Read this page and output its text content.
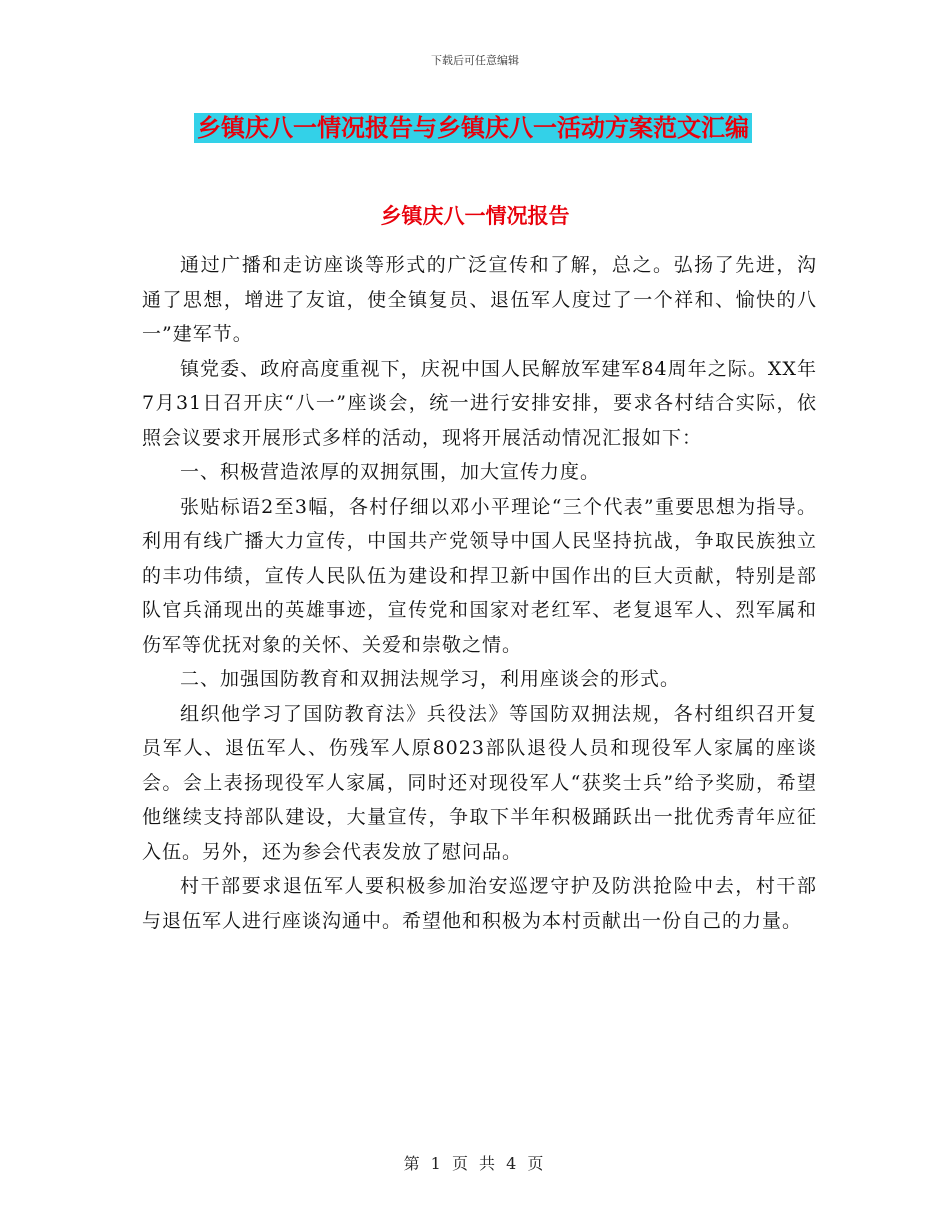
下载后可任意编辑
乡镇庆八一情况报告与乡镇庆八一活动方案范文汇编
乡镇庆八一情况报告

通过广播和走访座谈等形式的广泛宣传和了解，总之。弘扬了先进，沟通了思想，增进了友谊，使全镇复员、退伍军人度过了一个祥和、愉快的八一”建军节。

镇党委、政府高度重视下，庆祝中国人民解放军建军84周年之际。XX年7月31日召开庆“八一”座谈会，统一进行安排安排，要求各村结合实际，依照会议要求开展形式多样的活动，现将开展活动情况汇报如下：

一、积极营造浓厚的双拥氛围，加大宣传力度。

张贴标语2至3幅，各村仔细以邓小平理论“三个代表”重要思想为指导。利用有线广播大力宣传，中国共产党领导中国人民坚持抗战，争取民族独立的丰功伟绩，宣传人民队伍为建设和捍卫新中国作出的巨大贡献，特别是部队官兵涌现出的英雄事迹，宣传党和国家对老红军、老复退军人、烈军属和伤军等优抚对象的关怀、关爱和崇敬之情。

二、加强国防教育和双拥法规学习，利用座谈会的形式。

组织他学习了国防教育法》兵役法》等国防双拥法规，各村组织召开复员军人、退伍军人、伤残军人原8023部队退役人员和现役军人家属的座谈会。会上表扬现役军人家属，同时还对现役军人“获奖士兵”给予奖励，希望他继续支持部队建设，大量宣传，争取下半年积极踊跃出一批优秀青年应征入伍。另外，还为参会代表发放了慰问品。

村干部要求退伍军人要积极参加治安巡逻守护及防洪抢险中去，村干部与退伍军人进行座谈沟通中。希望他和积极为本村贡献出一份自己的力量。

第 1 页 共 4 页
